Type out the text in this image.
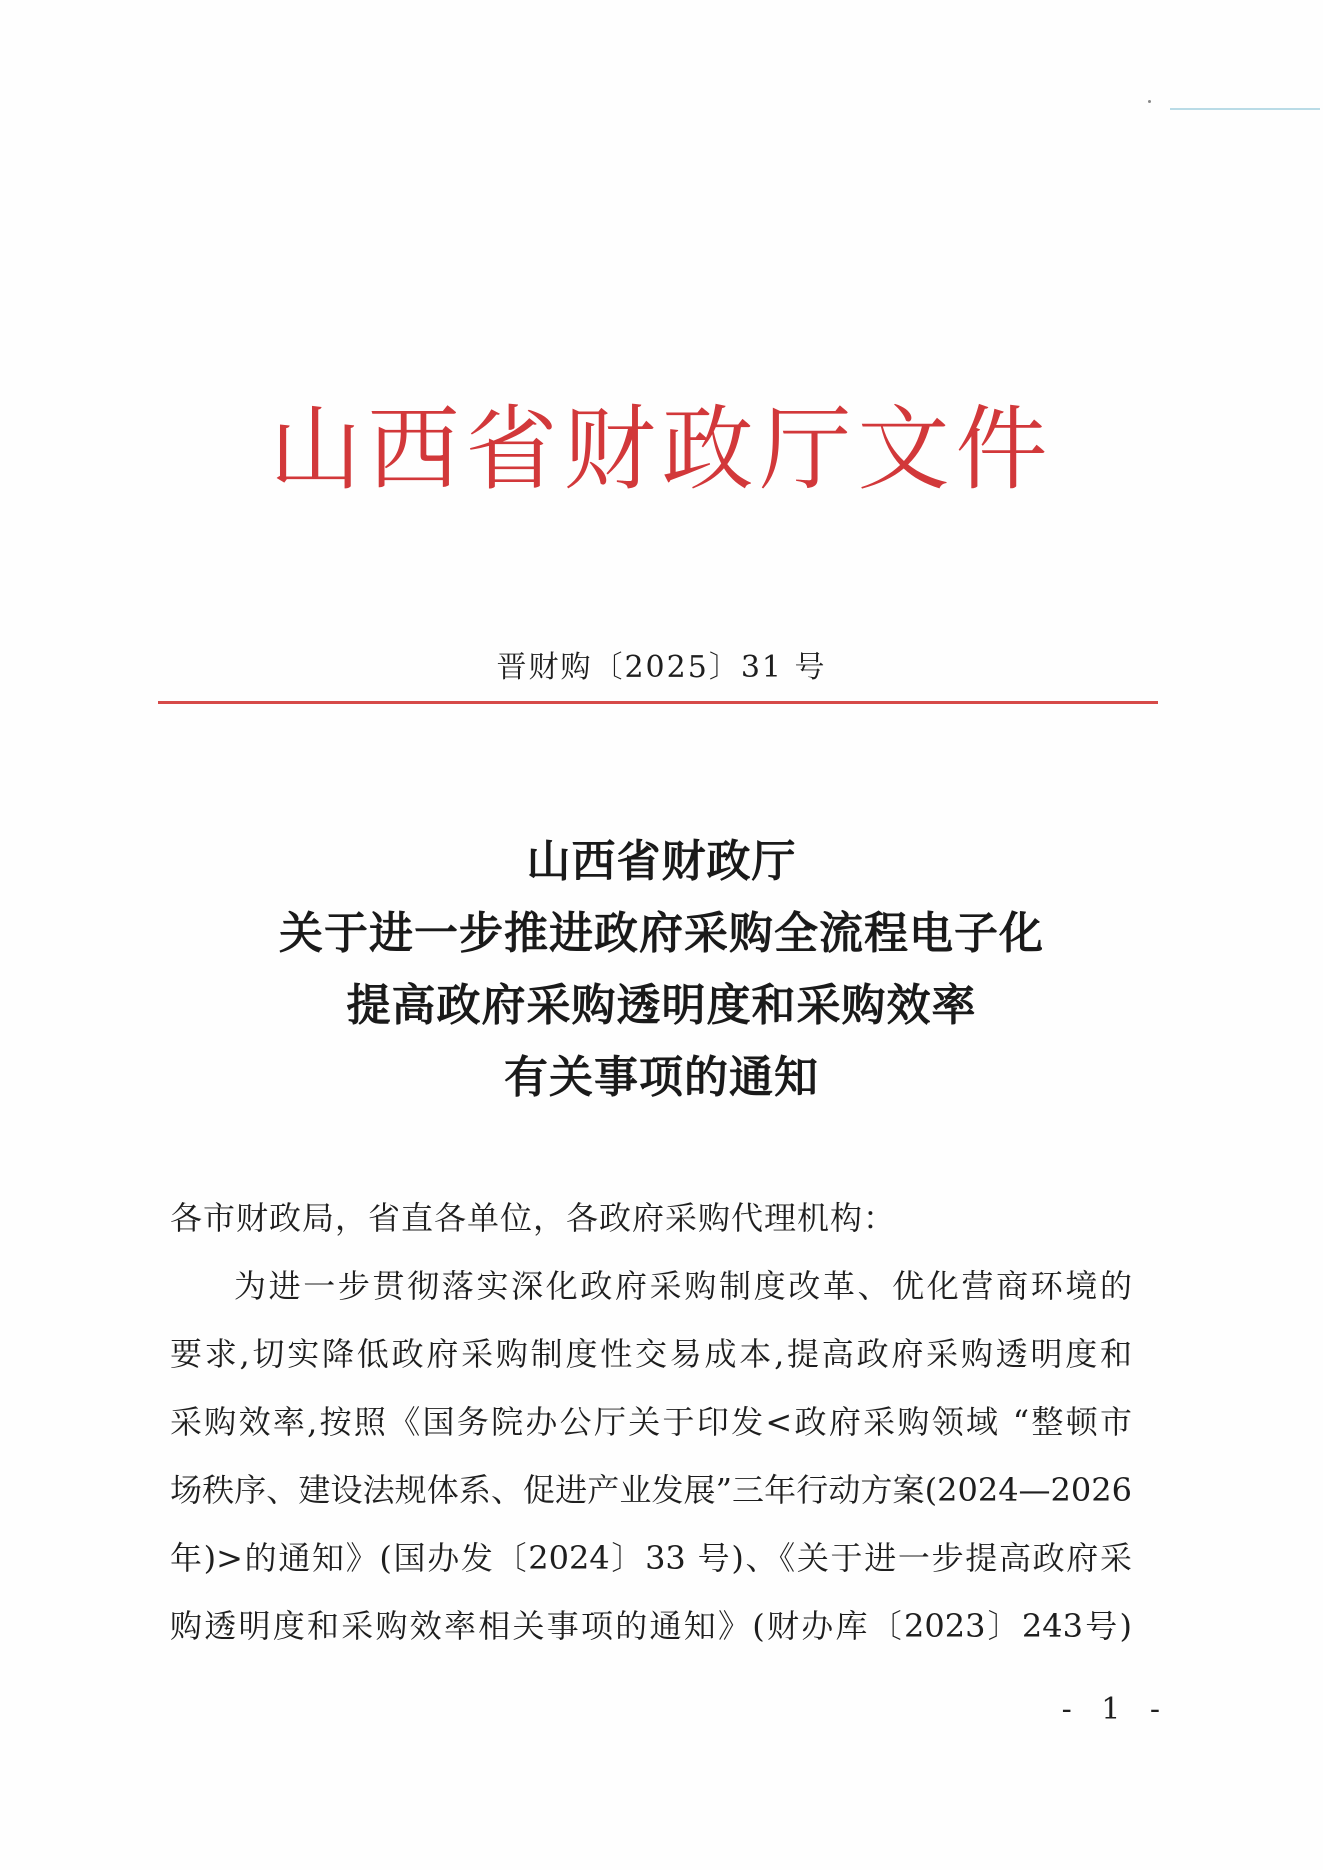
山西省财政厅文件
晋财购〔2025〕31 号
山西省财政厅
关于进一步推进政府采购全流程电子化
提高政府采购透明度和采购效率
有关事项的通知
各市财政局，省直各单位，各政府采购代理机构：
为进一步贯彻落实深化政府采购制度改革、优化营商环境的
要求,切实降低政府采购制度性交易成本,提高政府采购透明度和
采购效率,按照《国务院办公厅关于印发<政府采购领域 “整顿市
场秩序、建设法规体系、促进产业发展”三年行动方案(2024—2026
年)>的通知》(国办发〔2024〕33 号)、《关于进一步提高政府采
购透明度和采购效率相关事项的通知》(财办库〔2023〕243号)
- 1 -
